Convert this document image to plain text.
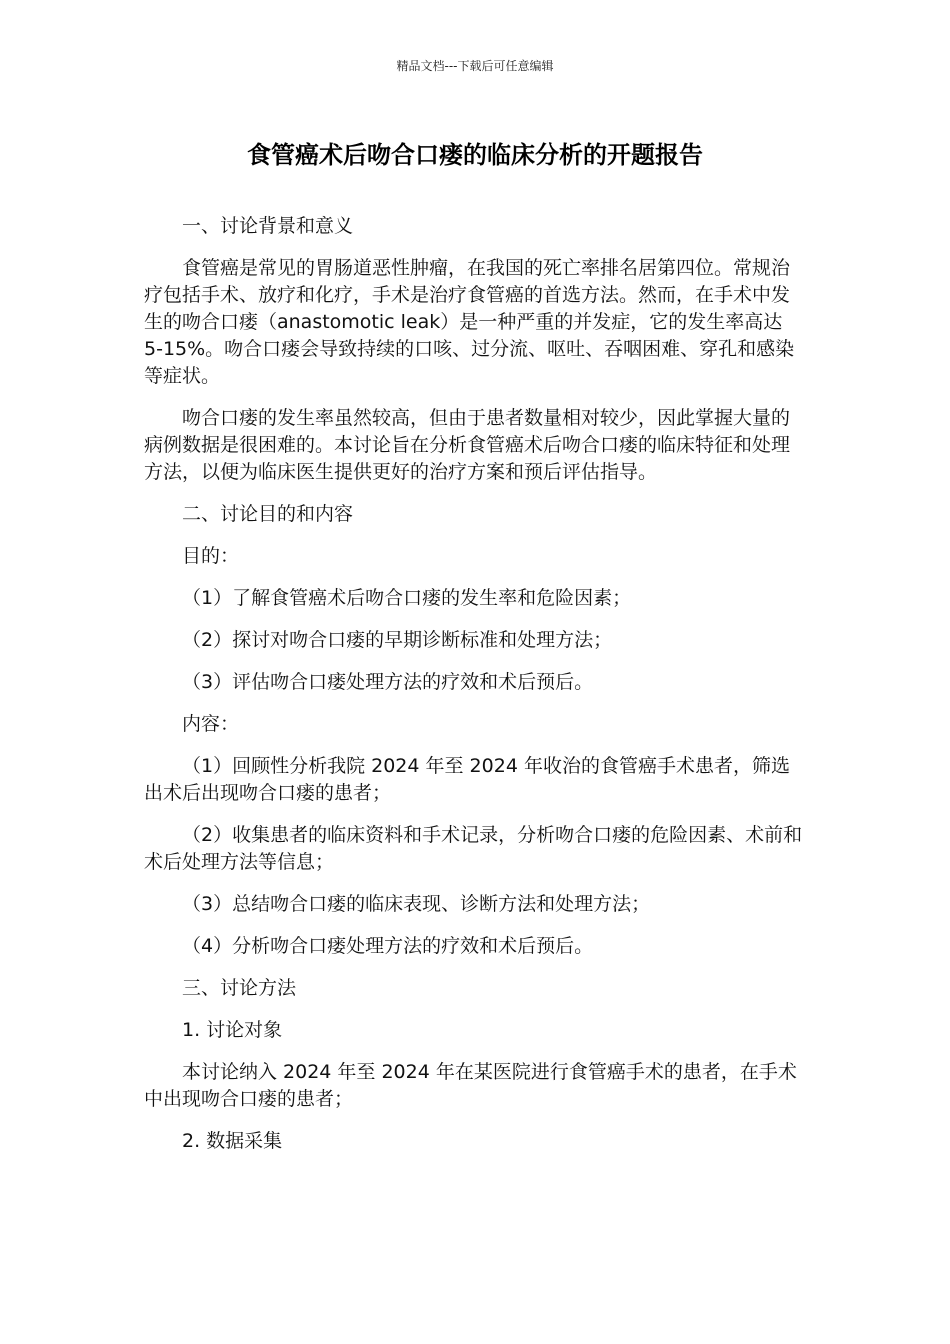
精品文档---下载后可任意编辑
食管癌术后吻合口瘘的临床分析的开题报告

一、讨论背景和意义

食管癌是常见的胃肠道恶性肿瘤，在我国的死亡率排名居第四位。常规治疗包括手术、放疗和化疗，手术是治疗食管癌的首选方法。然而，在手术中发生的吻合口瘘（anastomotic leak）是一种严重的并发症，它的发生率高达 5-15%。吻合口瘘会导致持续的口咳、过分流、呕吐、吞咽困难、穿孔和感染等症状。

吻合口瘘的发生率虽然较高，但由于患者数量相对较少，因此掌握大量的病例数据是很困难的。本讨论旨在分析食管癌术后吻合口瘘的临床特征和处理方法，以便为临床医生提供更好的治疗方案和预后评估指导。

二、讨论目的和内容

目的：

（1）了解食管癌术后吻合口瘘的发生率和危险因素；

（2）探讨对吻合口瘘的早期诊断标准和处理方法；

（3）评估吻合口瘘处理方法的疗效和术后预后。

内容：

（1）回顾性分析我院 2024 年至 2024 年收治的食管癌手术患者，筛选出术后出现吻合口瘘的患者；

（2）收集患者的临床资料和手术记录，分析吻合口瘘的危险因素、术前和术后处理方法等信息；

（3）总结吻合口瘘的临床表现、诊断方法和处理方法；

（4）分析吻合口瘘处理方法的疗效和术后预后。

三、讨论方法

1. 讨论对象

本讨论纳入 2024 年至 2024 年在某医院进行食管癌手术的患者，在手术中出现吻合口瘘的患者；

2. 数据采集
